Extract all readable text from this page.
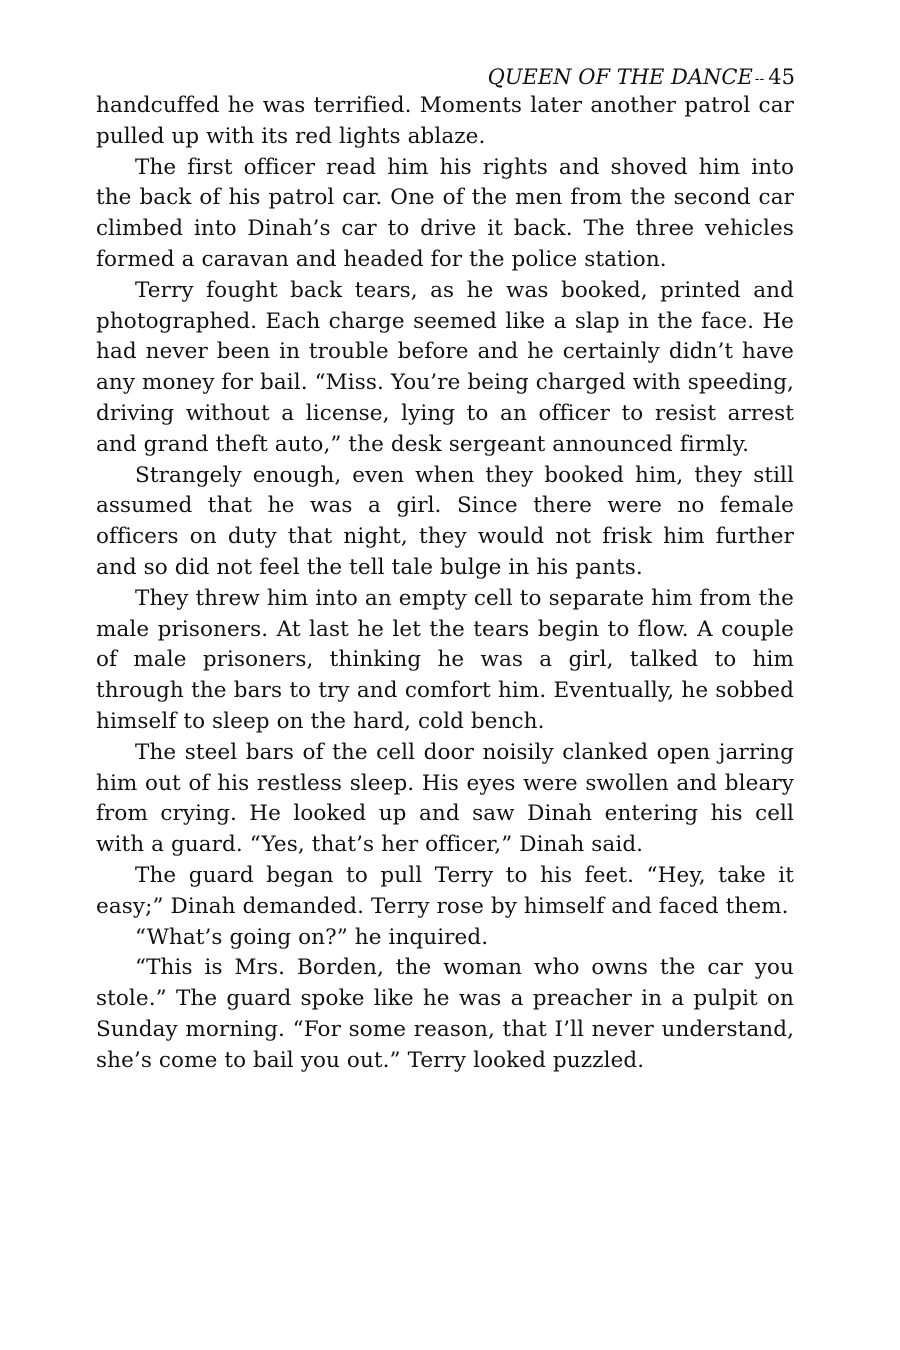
QUEEN OF THE DANCE -- 45

handcuffed he was terrified. Moments later another patrol car pulled up with its red lights ablaze.

The first officer read him his rights and shoved him into the back of his patrol car. One of the men from the second car climbed into Dinah’s car to drive it back. The three vehicles formed a caravan and headed for the police station.

Terry fought back tears, as he was booked, printed and photographed. Each charge seemed like a slap in the face. He had never been in trouble before and he certainly didn’t have any money for bail. “Miss. You’re being charged with speeding, driving without a license, lying to an officer to resist arrest and grand theft auto,” the desk sergeant announced firmly.

Strangely enough, even when they booked him, they still assumed that he was a girl. Since there were no female officers on duty that night, they would not frisk him further and so did not feel the tell tale bulge in his pants.

They threw him into an empty cell to separate him from the male prisoners. At last he let the tears begin to flow. A couple of male prisoners, thinking he was a girl, talked to him through the bars to try and comfort him. Eventually, he sobbed himself to sleep on the hard, cold bench.

The steel bars of the cell door noisily clanked open jarring him out of his restless sleep. His eyes were swollen and bleary from crying. He looked up and saw Dinah entering his cell with a guard. “Yes, that’s her officer,” Dinah said.

The guard began to pull Terry to his feet. “Hey, take it easy;” Dinah demanded. Terry rose by himself and faced them.

“What’s going on?” he inquired.

“This is Mrs. Borden, the woman who owns the car you stole.” The guard spoke like he was a preacher in a pulpit on Sunday morning. “For some reason, that I’ll never understand, she’s come to bail you out.” Terry looked puzzled.
